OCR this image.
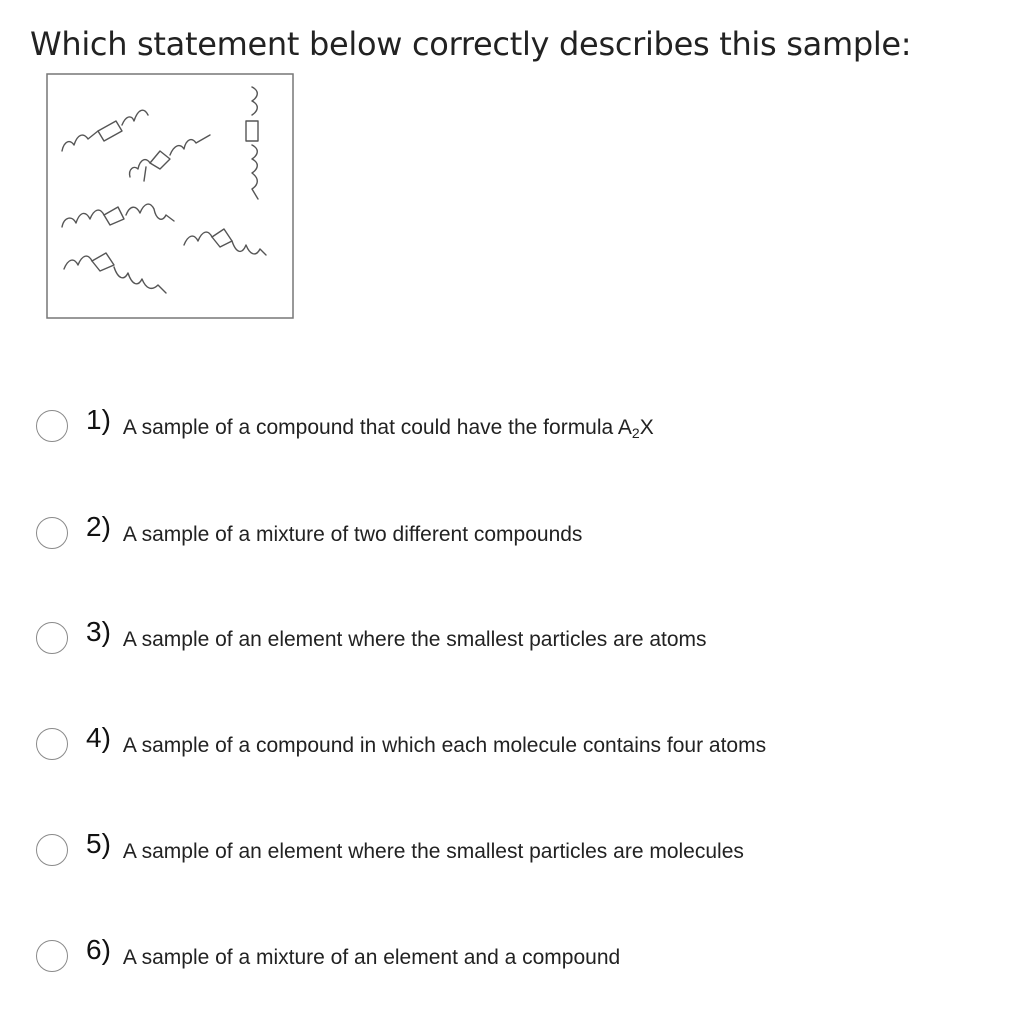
Which statement below correctly describes this sample:
1) A sample of a compound that could have the formula $A_2X$
2) A sample of a mixture of two different compounds
3) A sample of an element where the smallest particles are atoms
4) A sample of a compound in which each molecule contains four atoms
5) A sample of an element where the smallest particles are molecules
6) A sample of a mixture of an element and a compound
